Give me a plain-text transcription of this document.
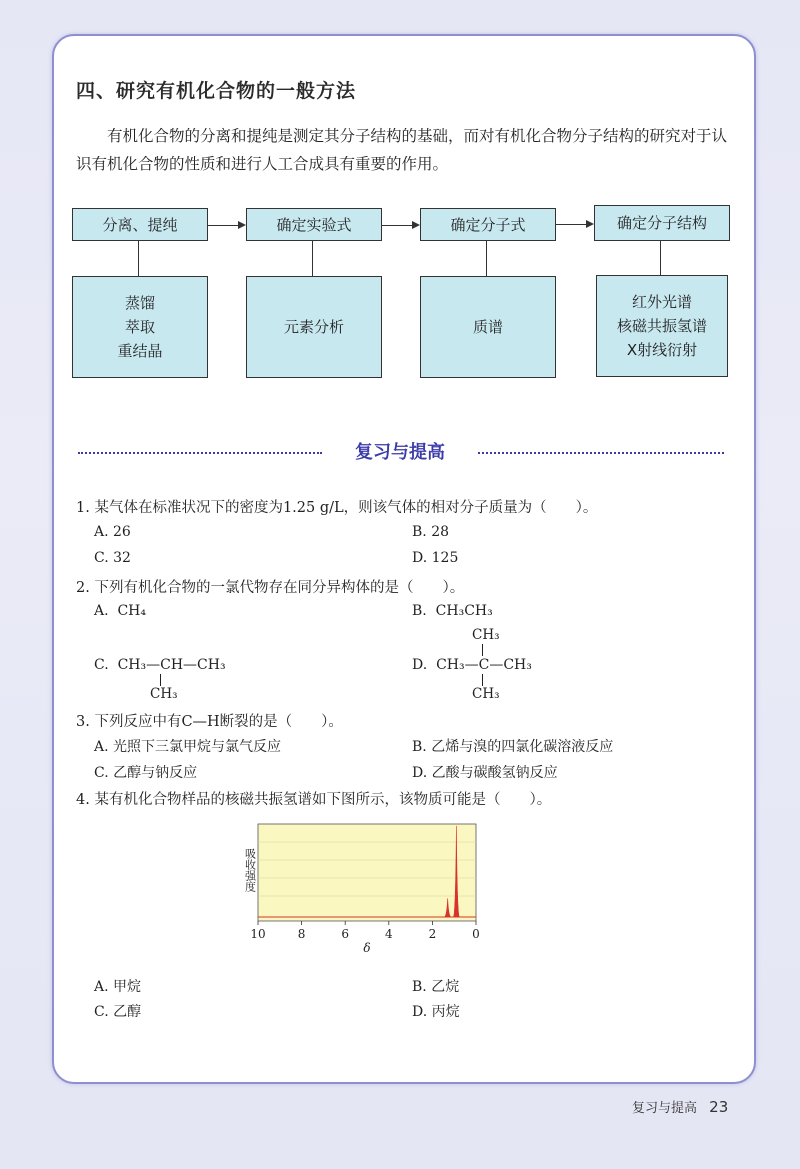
四、研究有机化合物的一般方法
有机化合物的分离和提纯是测定其分子结构的基础，而对有机化合物分子结构的研究对于认识有机化合物的性质和进行人工合成具有重要的作用。
分离、提纯	确定实验式	确定分子式	确定分子结构
蒸馏
萃取
重结晶
元素分析	质谱
红外光谱
核磁共振氢谱
X射线衍射
复习与提高
1. 某气体在标准状况下的密度为1.25 g/L，则该气体的相对分子质量为（　　）。
A. 26	B. 28
C. 32	D. 125
2. 下列有机化合物的一氯代物存在同分异构体的是（　　）。
A. CH₄	B. CH₃CH₃
C. CH₃—CH—CH₃
CH₃
CH₃
D. CH₃—C—CH₃
CH₃
3. 下列反应中有C—H断裂的是（　　）。
A. 光照下三氯甲烷与氯气反应	B. 乙烯与溴的四氯化碳溶液反应
C. 乙醇与钠反应	D. 乙酸与碳酸氢钠反应
4. 某有机化合物样品的核磁共振氢谱如下图所示，该物质可能是（　　）。
10	8	6	4	2	0
吸收强度
δ
A. 甲烷	B. 乙烷
C. 乙醇	D. 丙烷
复习与提高 23
